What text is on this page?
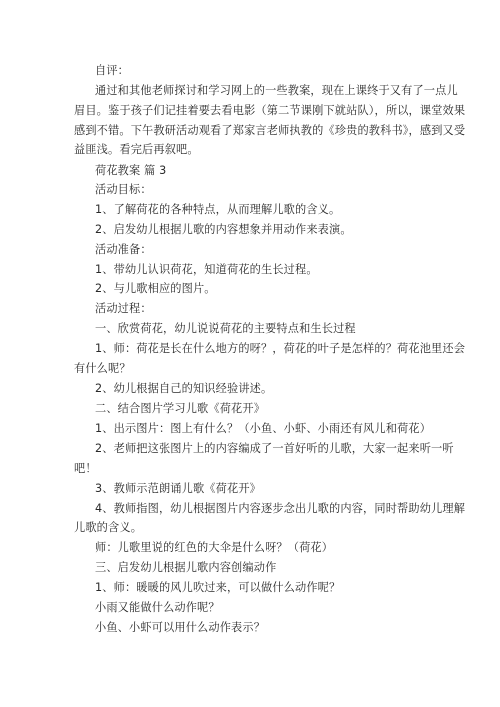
自评：
通过和其他老师探讨和学习网上的一些教案，现在上课终于又有了一点儿
眉目。鉴于孩子们记挂着要去看电影（第二节课刚下就站队），所以，课堂效果
感到不错。下午教研活动观看了郑家言老师执教的《珍贵的教科书》，感到又受
益匪浅。看完后再叙吧。
荷花教案 篇 3
活动目标：
1、了解荷花的各种特点，从而理解儿歌的含义。
2、启发幼儿根据儿歌的内容想象并用动作来表演。
活动准备：
1、带幼儿认识荷花，知道荷花的生长过程。
2、与儿歌相应的图片。
活动过程：
一、欣赏荷花，幼儿说说荷花的主要特点和生长过程
1、师：荷花是长在什么地方的呀？，荷花的叶子是怎样的？荷花池里还会
有什么呢？
2、幼儿根据自己的知识经验讲述。
二、结合图片学习儿歌《荷花开》
1、出示图片：图上有什么？（小鱼、小虾、小雨还有风儿和荷花）
2、老师把这张图片上的内容编成了一首好听的儿歌，大家一起来听一听
吧！
3、教师示范朗诵儿歌《荷花开》
4、教师指图，幼儿根据图片内容逐步念出儿歌的内容，同时帮助幼儿理解
儿歌的含义。
师：儿歌里说的红色的大伞是什么呀？（荷花）
三、启发幼儿根据儿歌内容创编动作
1、师：暖暖的风儿吹过来，可以做什么动作呢？
小雨又能做什么动作呢？
小鱼、小虾可以用什么动作表示？
